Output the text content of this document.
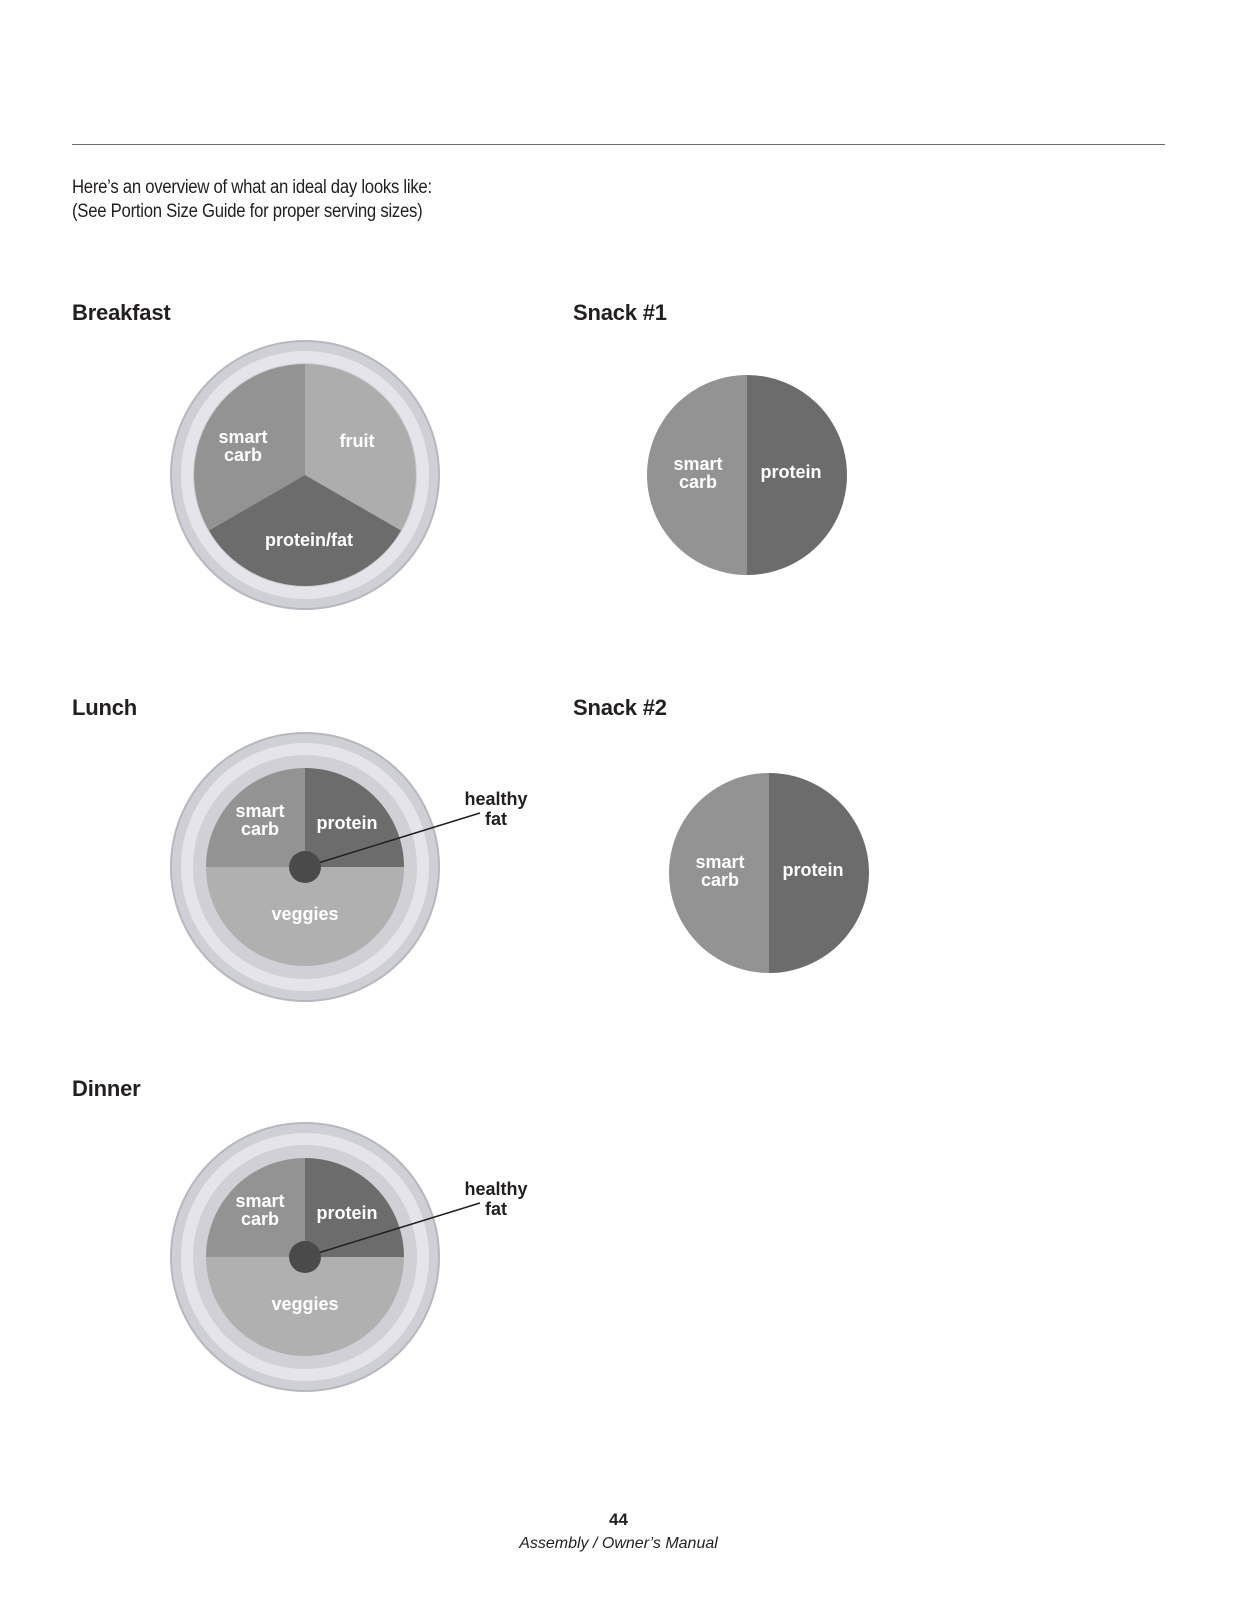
Here’s an overview of what an ideal day looks like:
(See Portion Size Guide for proper serving sizes)
Breakfast
smart
carb
fruit
protein/fat
Snack #1
smart
carb protein
Lunch
smart
carb protein
veggies
healthy
fat
Snack #2
smart
carb protein
Dinner
smart
carb protein
veggies
healthy
fat
44
Assembly / Owner’s Manual
